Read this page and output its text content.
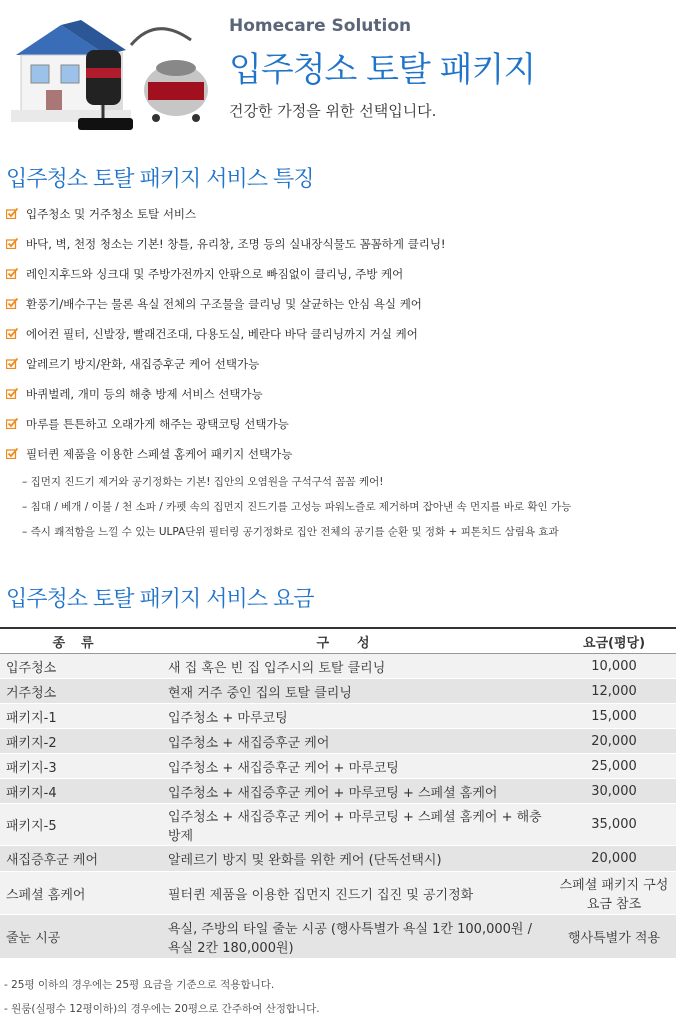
Homecare Solution
입주청소 토탈 패키지
건강한 가정을 위한 선택입니다.
입주청소 토탈 패키지 서비스 특징
입주청소 및 거주청소 토탈 서비스
바닥, 벽, 천정 청소는 기본! 창틀, 유리창, 조명 등의 실내장식물도 꼼꼼하게 클리닝!
레인지후드와 싱크대 및 주방가전까지 안팎으로 빠짐없이 클리닝, 주방 케어
환풍기/배수구는 물론 욕실 전체의 구조물을 클리닝 및 살균하는 안심 욕실 케어
에어컨 필터, 신발장, 빨래건조대, 다용도실, 베란다 바닥 클리닝까지 거실 케어
알레르기 방지/완화, 새집증후군 케어 선택가능
바퀴벌레, 개미 등의 해충 방제 서비스 선택가능
마루를 튼튼하고 오래가게 해주는 광택코팅 선택가능
필터퀸 제품을 이용한 스페셜 홈케어 패키지 선택가능
– 집먼지 진드기 제거와 공기정화는 기본! 집안의 오염원을 구석구석 꼼꼼 케어!
– 침대 / 베개 / 이불 / 천 소파 / 카펫 속의 집먼지 진드기를 고성능 파워노즐로 제거하며 잡아낸 속 먼지를 바로 확인 가능
– 즉시 쾌적함을 느낄 수 있는 ULPA단위 필터링 공기정화로 집안 전체의 공기를 순환 및 정화 + 피톤치드 삼림욕 효과
입주청소 토탈 패키지 서비스 요금
종류	구성	요금(평당)
입주청소	새 집 혹은 빈 집 입주시의 토탈 클리닝	10,000
거주청소	현재 거주 중인 집의 토탈 클리닝	12,000
패키지-1	입주청소 + 마루코팅	15,000
패키지-2	입주청소 + 새집증후군 케어	20,000
패키지-3	입주청소 + 새집증후군 케어 + 마루코팅	25,000
패키지-4	입주청소 + 새집증후군 케어 + 마루코팅 + 스페셜 홈케어	30,000
패키지-5	입주청소 + 새집증후군 케어 + 마루코팅 + 스페셜 홈케어 + 해충방제	35,000
새집증후군 케어	알레르기 방지 및 완화를 위한 케어 (단독선택시)	20,000
스페셜 홈케어	필터퀸 제품을 이용한 집먼지 진드기 집진 및 공기정화	스페셜 패키지 구성 요금 참조
줄눈 시공	욕실, 주방의 타일 줄눈 시공 (행사특별가 욕실 1칸 100,000원 / 욕실 2칸 180,000원)	행사특별가 적용
- 25평 이하의 경우에는 25평 요금을 기준으로 적용합니다.
- 원룸(실평수 12평이하)의 경우에는 20평으로 간주하여 산정합니다.
